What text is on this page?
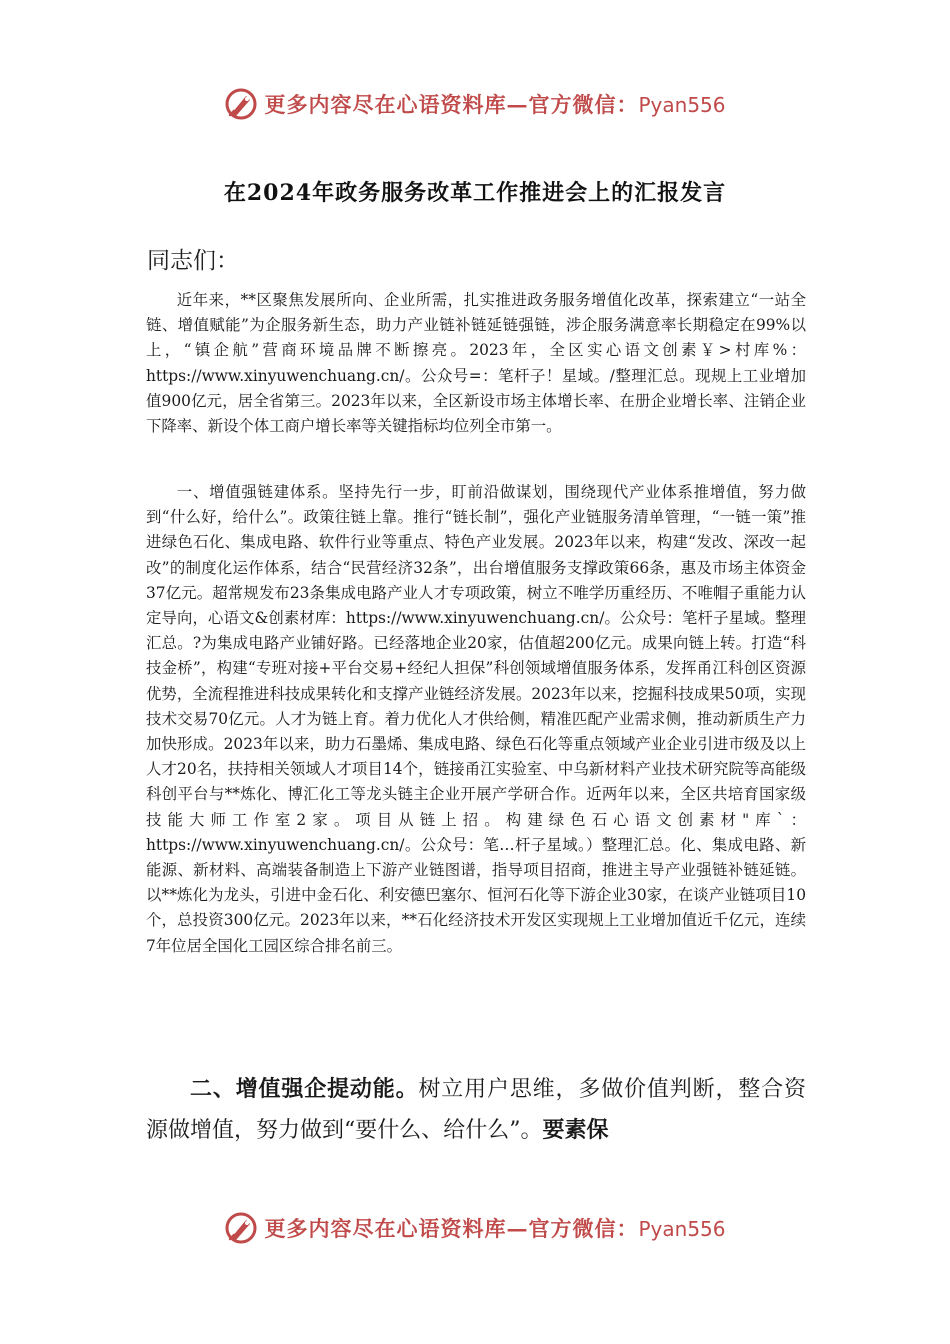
更多内容尽在心语资料库—官方微信：Pyan556
在2024年政务服务改革工作推进会上的汇报发言

同志们：

近年来，**区聚焦发展所向、企业所需，扎实推进政务服务增值化改革，探索建立“一站全链、增值赋能”为企服务新生态，助力产业链补链延链强链，涉企服务满意率长期稳定在99%以上，“镇企航”营商环境品牌不断擦亮。2023年，全区实心语文创素￥>村库%：https://www.xinyuwenchuang.cn/。公众号=：笔杆子！星域。/整理汇总。现规上工业增加值900亿元，居全省第三。2023年以来，全区新设市场主体增长率、在册企业增长率、注销企业下降率、新设个体工商户增长率等关键指标均位列全市第一。

一、增值强链建体系。坚持先行一步，盯前沿做谋划，围绕现代产业体系推增值，努力做到“什么好，给什么”。政策往链上靠。推行“链长制”，强化产业链服务清单管理，“一链一策”推进绿色石化、集成电路、软件行业等重点、特色产业发展。2023年以来，构建“发改、深改一起改”的制度化运作体系，结合“民营经济32条”，出台增值服务支撑政策66条，惠及市场主体资金37亿元。超常规发布23条集成电路产业人才专项政策，树立不唯学历重经历、不唯帽子重能力认定导向，心语文&创素材库：https://www.xinyuwenchuang.cn/。公众号：笔杆子星域。整理汇总。?为集成电路产业铺好路。已经落地企业20家，估值超200亿元。成果向链上转。打造“科技金桥”，构建“专班对接+平台交易+经纪人担保”科创领域增值服务体系，发挥甬江科创区资源优势，全流程推进科技成果转化和支撑产业链经济发展。2023年以来，挖掘科技成果50项，实现技术交易70亿元。人才为链上育。着力优化人才供给侧，精准匹配产业需求侧，推动新质生产力加快形成。2023年以来，助力石墨烯、集成电路、绿色石化等重点领域产业企业引进市级及以上人才20名，扶持相关领域人才项目14个，链接甬江实验室、中乌新材料产业技术研究院等高能级科创平台与**炼化、博汇化工等龙头链主企业开展产学研合作。近两年以来，全区共培育国家级技能大师工作室2家。项目从链上招。构建绿色石心语文创素材"库`：https://www.xinyuwenchuang.cn/。公众号：笔…杆子星域。）整理汇总。化、集成电路、新能源、新材料、高端装备制造上下游产业链图谱，指导项目招商，推进主导产业强链补链延链。以**炼化为龙头，引进中金石化、利安德巴塞尔、恒河石化等下游企业30家，在谈产业链项目10个，总投资300亿元。2023年以来，**石化经济技术开发区实现规上工业增加值近千亿元，连续7年位居全国化工园区综合排名前三。

二、增值强企提动能。树立用户思维，多做价值判断，整合资源做增值，努力做到“要什么、给什么”。要素保

更多内容尽在心语资料库—官方微信：Pyan556
